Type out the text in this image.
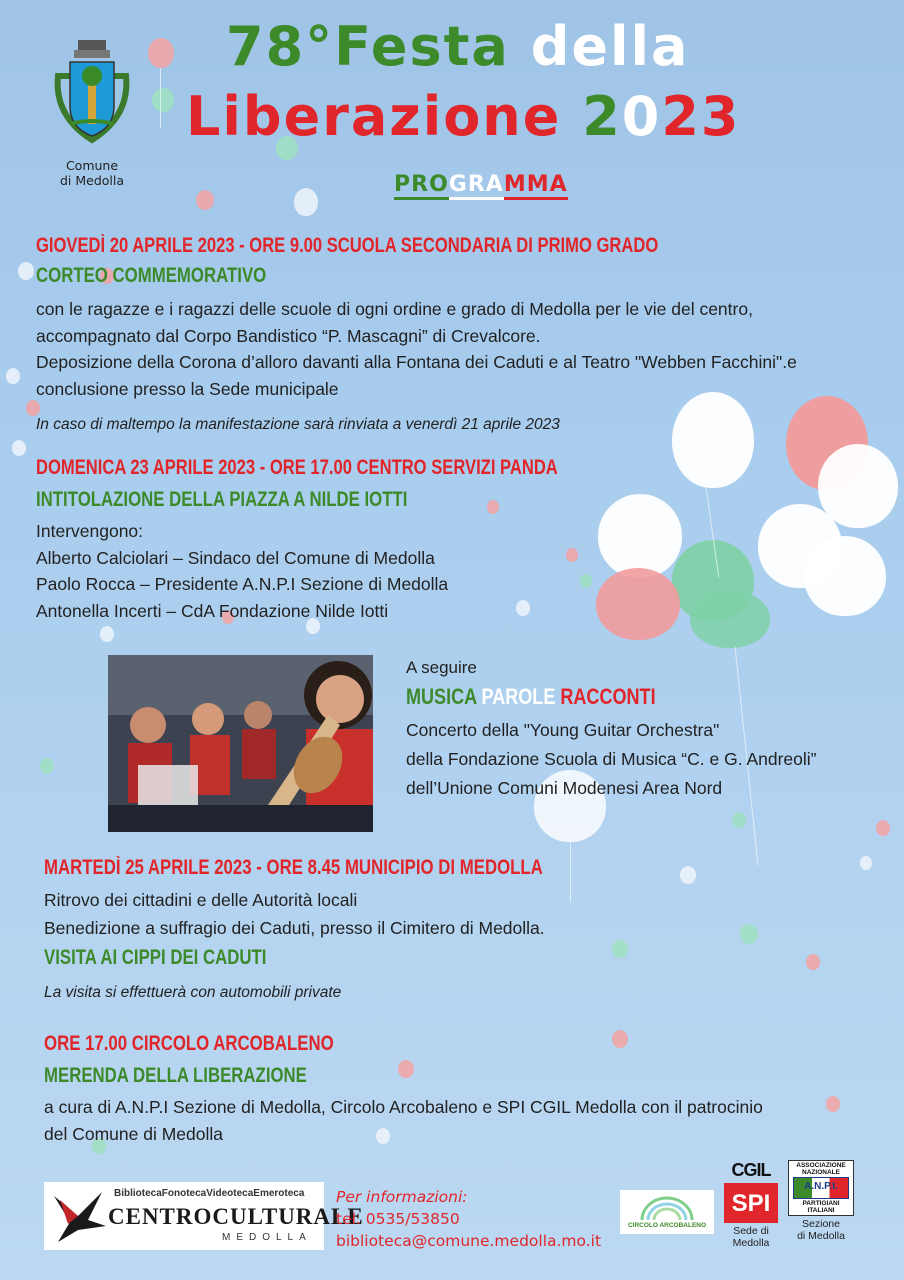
Comune
di Medolla
78°Festa della
Liberazione 2023
PROGRAMMA
GIOVEDÌ 20 APRILE 2023 - ORE 9.00 SCUOLA SECONDARIA DI PRIMO GRADO
CORTEO COMMEMORATIVO
con le ragazze e i ragazzi delle scuole di ogni ordine e grado di Medolla per le vie del centro,
accompagnato dal Corpo Bandistico “P. Mascagni” di Crevalcore.
Deposizione della Corona d’alloro davanti alla Fontana dei Caduti e al Teatro "Webben Facchini".e
conclusione presso la Sede municipale
In caso di maltempo la manifestazione sarà rinviata a venerdì 21 aprile 2023
DOMENICA 23 APRILE 2023 - ORE 17.00 CENTRO SERVIZI PANDA
INTITOLAZIONE DELLA PIAZZA A NILDE IOTTI
Intervengono:
Alberto Calciolari – Sindaco del Comune di Medolla
Paolo Rocca – Presidente A.N.P.I Sezione di Medolla
Antonella Incerti – CdA Fondazione Nilde Iotti
A seguire
MUSICA PAROLE RACCONTI
Concerto della "Young Guitar Orchestra"
della Fondazione Scuola di Musica “C. e G. Andreoli”
dell’Unione Comuni Modenesi Area Nord
MARTEDÌ 25 APRILE 2023 - ORE 8.45 MUNICIPIO DI MEDOLLA
Ritrovo dei cittadini e delle Autorità locali
Benedizione a suffragio dei Caduti, presso il Cimitero di Medolla.
VISITA AI CIPPI DEI CADUTI
La visita si effettuerà con automobili private
ORE 17.00 CIRCOLO ARCOBALENO
MERENDA DELLA LIBERAZIONE
a cura di A.N.P.I Sezione di Medolla, Circolo Arcobaleno e SPI CGIL Medolla con il patrocinio
del Comune di Medolla
BibliotecaFonotecaVideotecaEmeroteca
CENTROCULTURALE
MEDOLLA
Per informazioni:
tel. 0535/53850
biblioteca@comune.medolla.mo.it
CIRCOLO ARCOBALENO
CGIL
SPI
Sede di
Medolla
ASSOCIAZIONE
NAZIONALE
A.N.P.I.
PARTIGIANI
ITALIANI
Sezione
di Medolla
